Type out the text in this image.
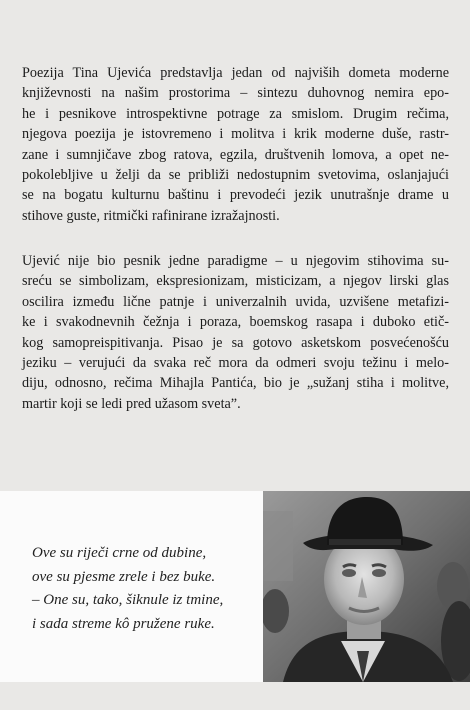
Poezija Tina Ujevića predstavlja jedan od najviših dometa moderne
književnosti na našim prostorima – sintezu duhovnog nemira epo-
he i pesnikove introspektivne potrage za smislom. Drugim rečima,
njegova poezija je istovremeno i molitva i krik moderne duše, rastr-
zane i sumnjičave zbog ratova, egzila, društvenih lomova, a opet ne-
pokolebljive u želji da se približi nedostupnim svetovima, oslanjajući
se na bogatu kulturnu baštinu i prevodeći jezik unutrašnje drame u
stihove guste, ritmički rafinirane izražajnosti.

Ujević nije bio pesnik jedne paradigme – u njegovim stihovima su-
sreću se simbolizam, ekspresionizam, misticizam, a njegov lirski glas
oscilira između lične patnje i univerzalnih uvida, uzvišene metafizi-
ke i svakodnevnih čežnja i poraza, boemskog rasapa i duboko etič-
kog samopreispitivanja. Pisao je sa gotovo asketskom posvećenošću
jeziku – verujući da svaka reč mora da odmeri svoju težinu i melo-
diju, odnosno, rečima Mihajla Pantića, bio je „sužanj stiha i molitve,
martir koji se ledi pred užasom sveta”.

Ove su riječi crne od dubine,
ove su pjesme zrele i bez buke.
– One su, tako, šiknule iz tmine,
i sada streme kô pružene ruke.
